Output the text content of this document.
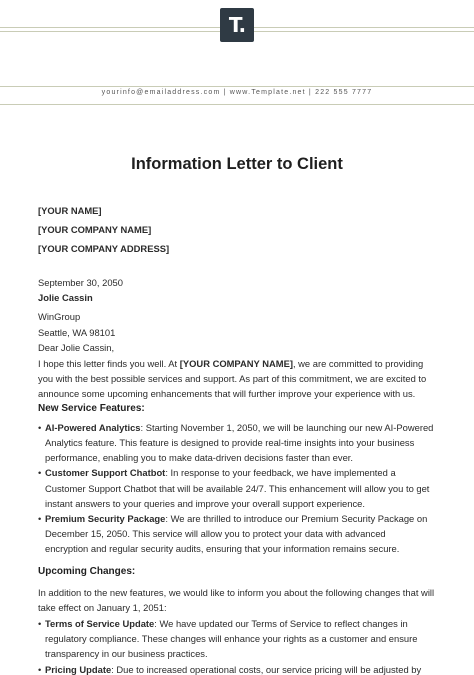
T.
yourinfo@emailaddress.com | www.Template.net | 222 555 7777
Information Letter to Client
[YOUR NAME]
[YOUR COMPANY NAME]
[YOUR COMPANY ADDRESS]
September 30, 2050
Jolie Cassin
WinGroup
Seattle, WA 98101
Dear Jolie Cassin,
I hope this letter finds you well. At [YOUR COMPANY NAME], we are committed to providing
you with the best possible services and support. As part of this commitment, we are excited to
announce some upcoming enhancements that will further improve your experience with us.
New Service Features:
• AI-Powered Analytics: Starting November 1, 2050, we will be launching our new AI-Powered
Analytics feature. This feature is designed to provide real-time insights into your business
performance, enabling you to make data-driven decisions faster than ever.
• Customer Support Chatbot: In response to your feedback, we have implemented a
Customer Support Chatbot that will be available 24/7. This enhancement will allow you to get
instant answers to your queries and improve your overall support experience.
• Premium Security Package: We are thrilled to introduce our Premium Security Package on
December 15, 2050. This service will allow you to protect your data with advanced
encryption and regular security audits, ensuring that your information remains secure.
Upcoming Changes:
In addition to the new features, we would like to inform you about the following changes that will
take effect on January 1, 2051:
• Terms of Service Update: We have updated our Terms of Service to reflect changes in
regulatory compliance. These changes will enhance your rights as a customer and ensure
transparency in our business practices.
• Pricing Update: Due to increased operational costs, our service pricing will be adjusted by
